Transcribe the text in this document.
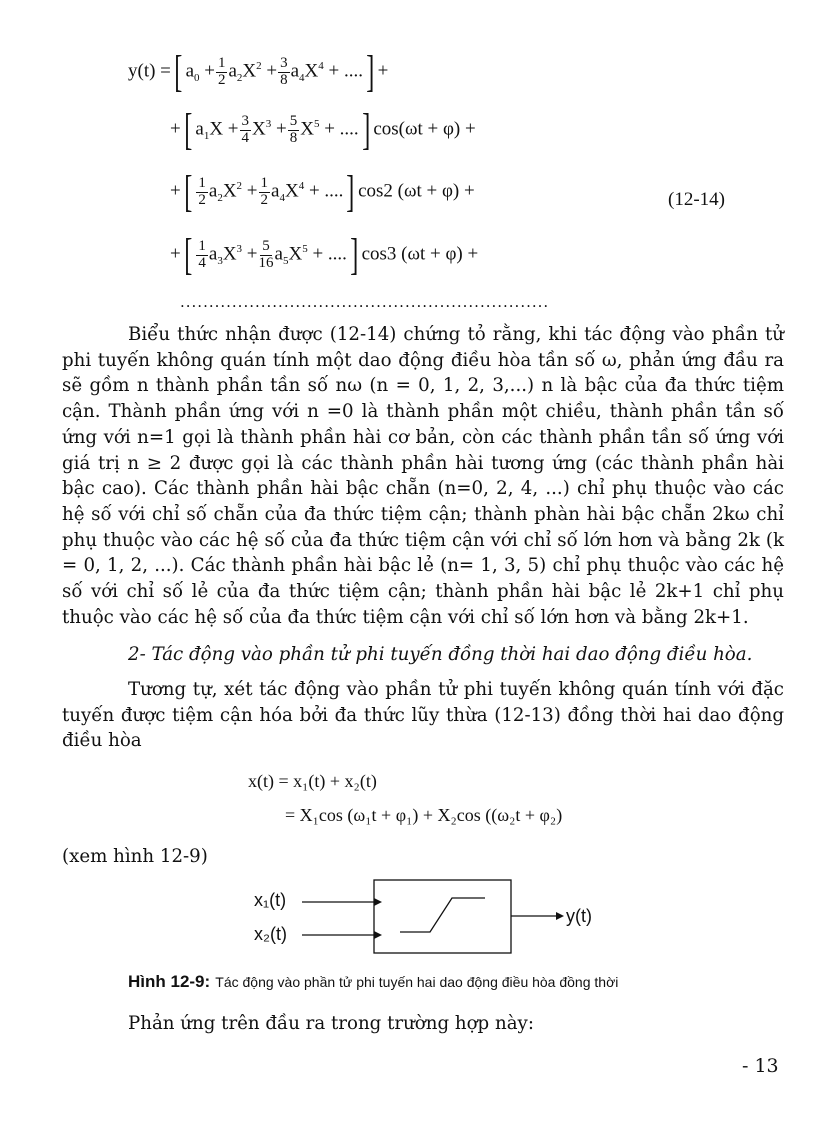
y(t) =[ $a_0 + \frac{1}{2} a_2X^2 + \frac{3}{8} a_4X^4$ + ....] +
+[ $a_1X + \frac{3}{4} X^3 + \frac{5}{8} X^5$ + ....] cos(ωt + φ) +
+[ $\frac{1}{2} a_2X^2 + \frac{1}{2} a_4X^4$ + ....] cos2 (ωt + φ) +
+[ $\frac{1}{4} a_3X^3 + \frac{5}{16} a_5X^5$ + ....] cos3 (ωt + φ) +
(12-14)
................................................................

Biểu thức nhận được (12-14) chứng tỏ rằng, khi tác động vào phần tử phi tuyến không quán tính một dao động điều hòa tần số ω, phản ứng đầu ra sẽ gồm n thành phần tần số nω (n = 0, 1, 2, 3,...) n là bậc của đa thức tiệm cận. Thành phần ứng với n =0 là thành phần một chiều, thành phần tần số ứng với n=1 gọi là thành phần hài cơ bản, còn các thành phần tần số ứng với giá trị n ≥ 2 được gọi là các thành phần hài tương ứng (các thành phần hài bậc cao). Các thành phần hài bậc chẵn (n=0, 2, 4, ...) chỉ phụ thuộc vào các hệ số với chỉ số chẵn của đa thức tiệm cận; thành phàn hài bậc chẵn 2kω chỉ phụ thuộc vào các hệ số của đa thức tiệm cận với chỉ số lớn hơn và bằng 2k (k = 0, 1, 2, ...). Các thành phần hài bậc lẻ (n= 1, 3, 5) chỉ phụ thuộc vào các hệ số với chỉ số lẻ của đa thức tiệm cận; thành phần hài bậc lẻ 2k+1 chỉ phụ thuộc vào các hệ số của đa thức tiệm cận với chỉ số lớn hơn và bằng 2k+1.

2- Tác động vào phần tử phi tuyến đồng thời hai dao động điều hòa.

Tương tự, xét tác động vào phần tử phi tuyến không quán tính với đặc tuyến được tiệm cận hóa bởi đa thức lũy thừa (12-13) đồng thời hai dao động điều hòa

x(t) = x₁(t) + x₂(t)
= X₁cos (ω₁t + φ₁) + X₂cos ((ω₂t + φ₂)
(xem hình 12-9)
x₁(t)
x₂(t)
y(t)
Hình 12-9: Tác động vào phần tử phi tuyến hai dao động điều hòa đồng thời
Phản ứng trên đầu ra trong trường hợp này:
- 13
